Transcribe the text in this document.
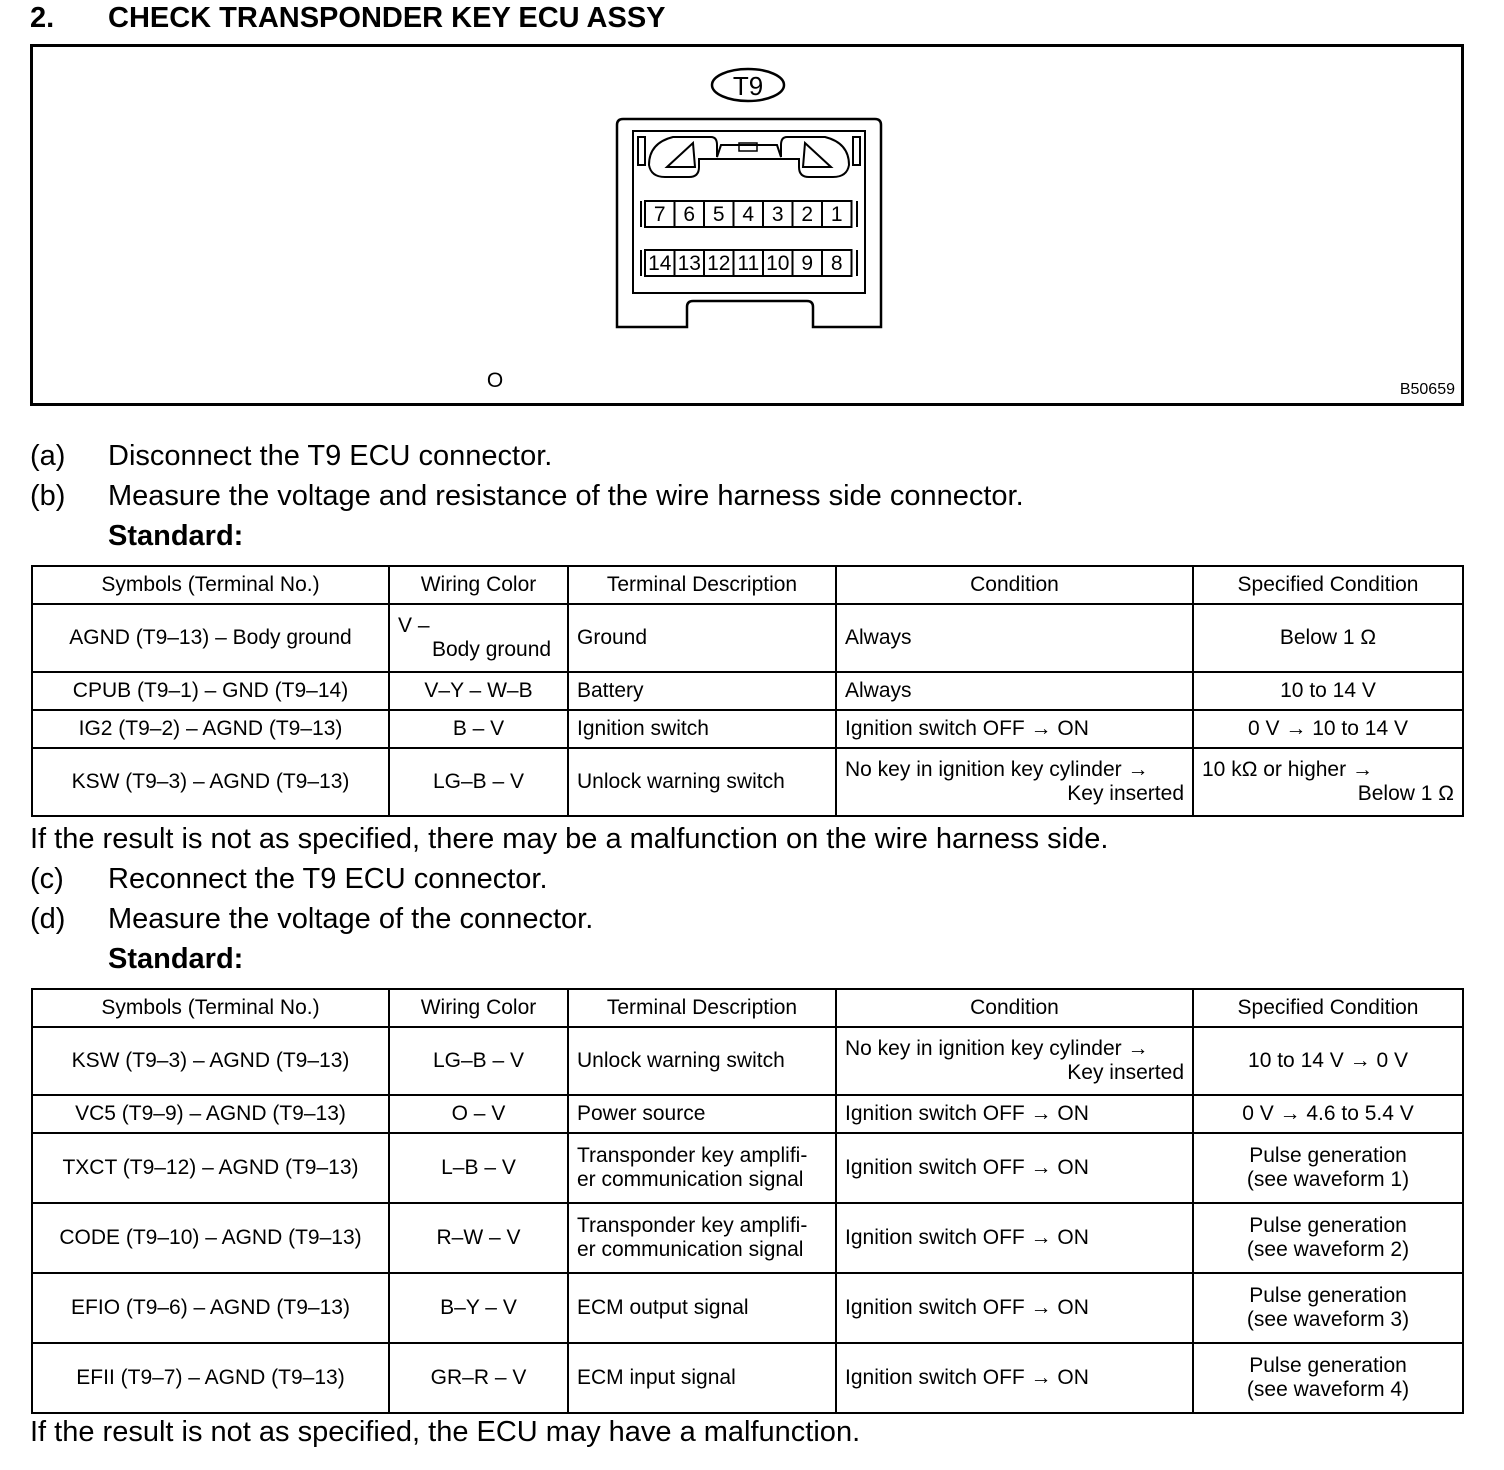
2. CHECK TRANSPONDER KEY ECU ASSY
T9
7 6 5 4 3 2 1
14 13 12 11 10 9 8
O	B50659
(a) Disconnect the T9 ECU connector.
(b) Measure the voltage and resistance of the wire harness side connector.
Standard:
Symbols (Terminal No.)	Wiring Color	Terminal Description	Condition	Specified Condition
AGND (T9–13) – Body ground	V –
Body ground	Ground	Always	Below 1 Ω
CPUB (T9–1) – GND (T9–14)	V–Y – W–B	Battery	Always	10 to 14 V
IG2 (T9–2) – AGND (T9–13)	B – V	Ignition switch	Ignition switch OFF → ON	0 V → 10 to 14 V
KSW (T9–3) – AGND (T9–13)	LG–B – V	Unlock warning switch	No key in ignition key cylinder →
Key inserted	10 kΩ or higher →
Below 1 Ω
If the result is not as specified, there may be a malfunction on the wire harness side.
(c) Reconnect the T9 ECU connector.
(d) Measure the voltage of the connector.
Standard:
Symbols (Terminal No.)	Wiring Color	Terminal Description	Condition	Specified Condition
KSW (T9–3) – AGND (T9–13)	LG–B – V	Unlock warning switch	No key in ignition key cylinder →
Key inserted	10 to 14 V → 0 V
VC5 (T9–9) – AGND (T9–13)	O – V	Power source	Ignition switch OFF → ON	0 V → 4.6 to 5.4 V
TXCT (T9–12) – AGND (T9–13)	L–B – V	Transponder key amplifi-
er communication signal	Ignition switch OFF → ON	Pulse generation
(see waveform 1)

CODE (T9–10) – AGND (T9–13)	R–W – V	Transponder key amplifi-
er communication signal	Ignition switch OFF → ON	Pulse generation
(see waveform 2)

EFIO (T9–6) – AGND (T9–13)	B–Y – V	ECM output signal	Ignition switch OFF → ON	Pulse generation
(see waveform 3)

EFII (T9–7) – AGND (T9–13)	GR–R – V	ECM input signal	Ignition switch OFF → ON	Pulse generation
(see waveform 4)
If the result is not as specified, the ECU may have a malfunction.
